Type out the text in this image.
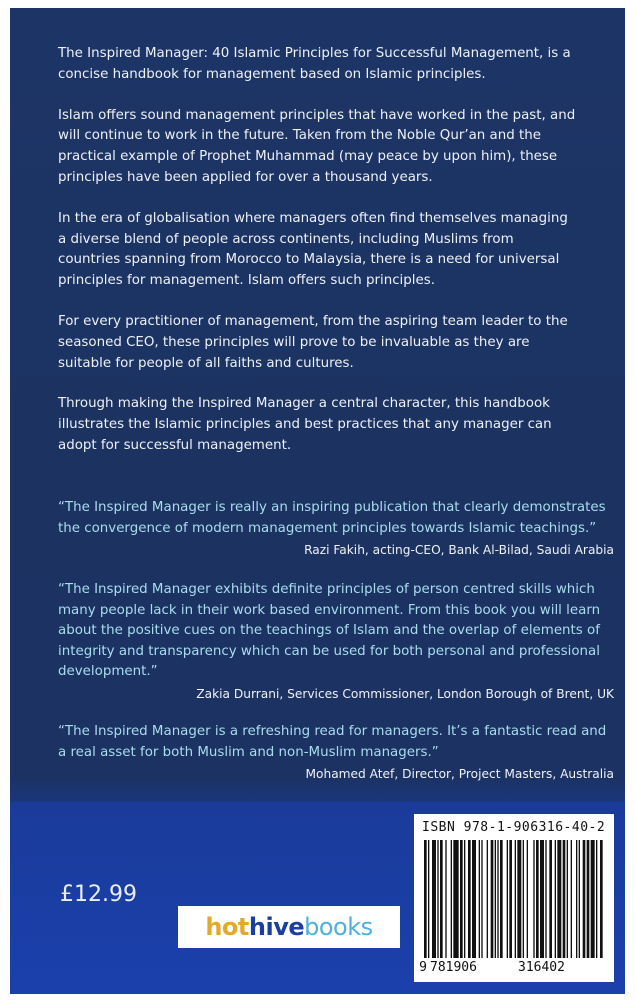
The Inspired Manager: 40 Islamic Principles for Successful Management, is a concise handbook for management based on Islamic principles.

Islam offers sound management principles that have worked in the past, and will continue to work in the future. Taken from the Noble Qur’an and the practical example of Prophet Muhammad (may peace by upon him), these principles have been applied for over a thousand years.

In the era of globalisation where managers often find themselves managing a diverse blend of people across continents, including Muslims from countries spanning from Morocco to Malaysia, there is a need for universal principles for management. Islam offers such principles.

For every practitioner of management, from the aspiring team leader to the seasoned CEO, these principles will prove to be invaluable as they are suitable for people of all faiths and cultures.

Through making the Inspired Manager a central character, this handbook illustrates the Islamic principles and best practices that any manager can adopt for successful management.

“The Inspired Manager is really an inspiring publication that clearly demonstrates the convergence of modern management principles towards Islamic teachings.”

Razi Fakih, acting-CEO, Bank Al-Bilad, Saudi Arabia

“The Inspired Manager exhibits definite principles of person centred skills which many people lack in their work based environment. From this book you will learn about the positive cues on the teachings of Islam and the overlap of elements of integrity and transparency which can be used for both personal and professional development.”

Zakia Durrani, Services Commissioner, London Borough of Brent, UK

“The Inspired Manager is a refreshing read for managers. It’s a fantastic read and a real asset for both Muslim and non-Muslim managers.”

Mohamed Atef, Director, Project Masters, Australia
£12.99
hot hive books
ISBN 978-1-906316-40-2
9 781906	316402
